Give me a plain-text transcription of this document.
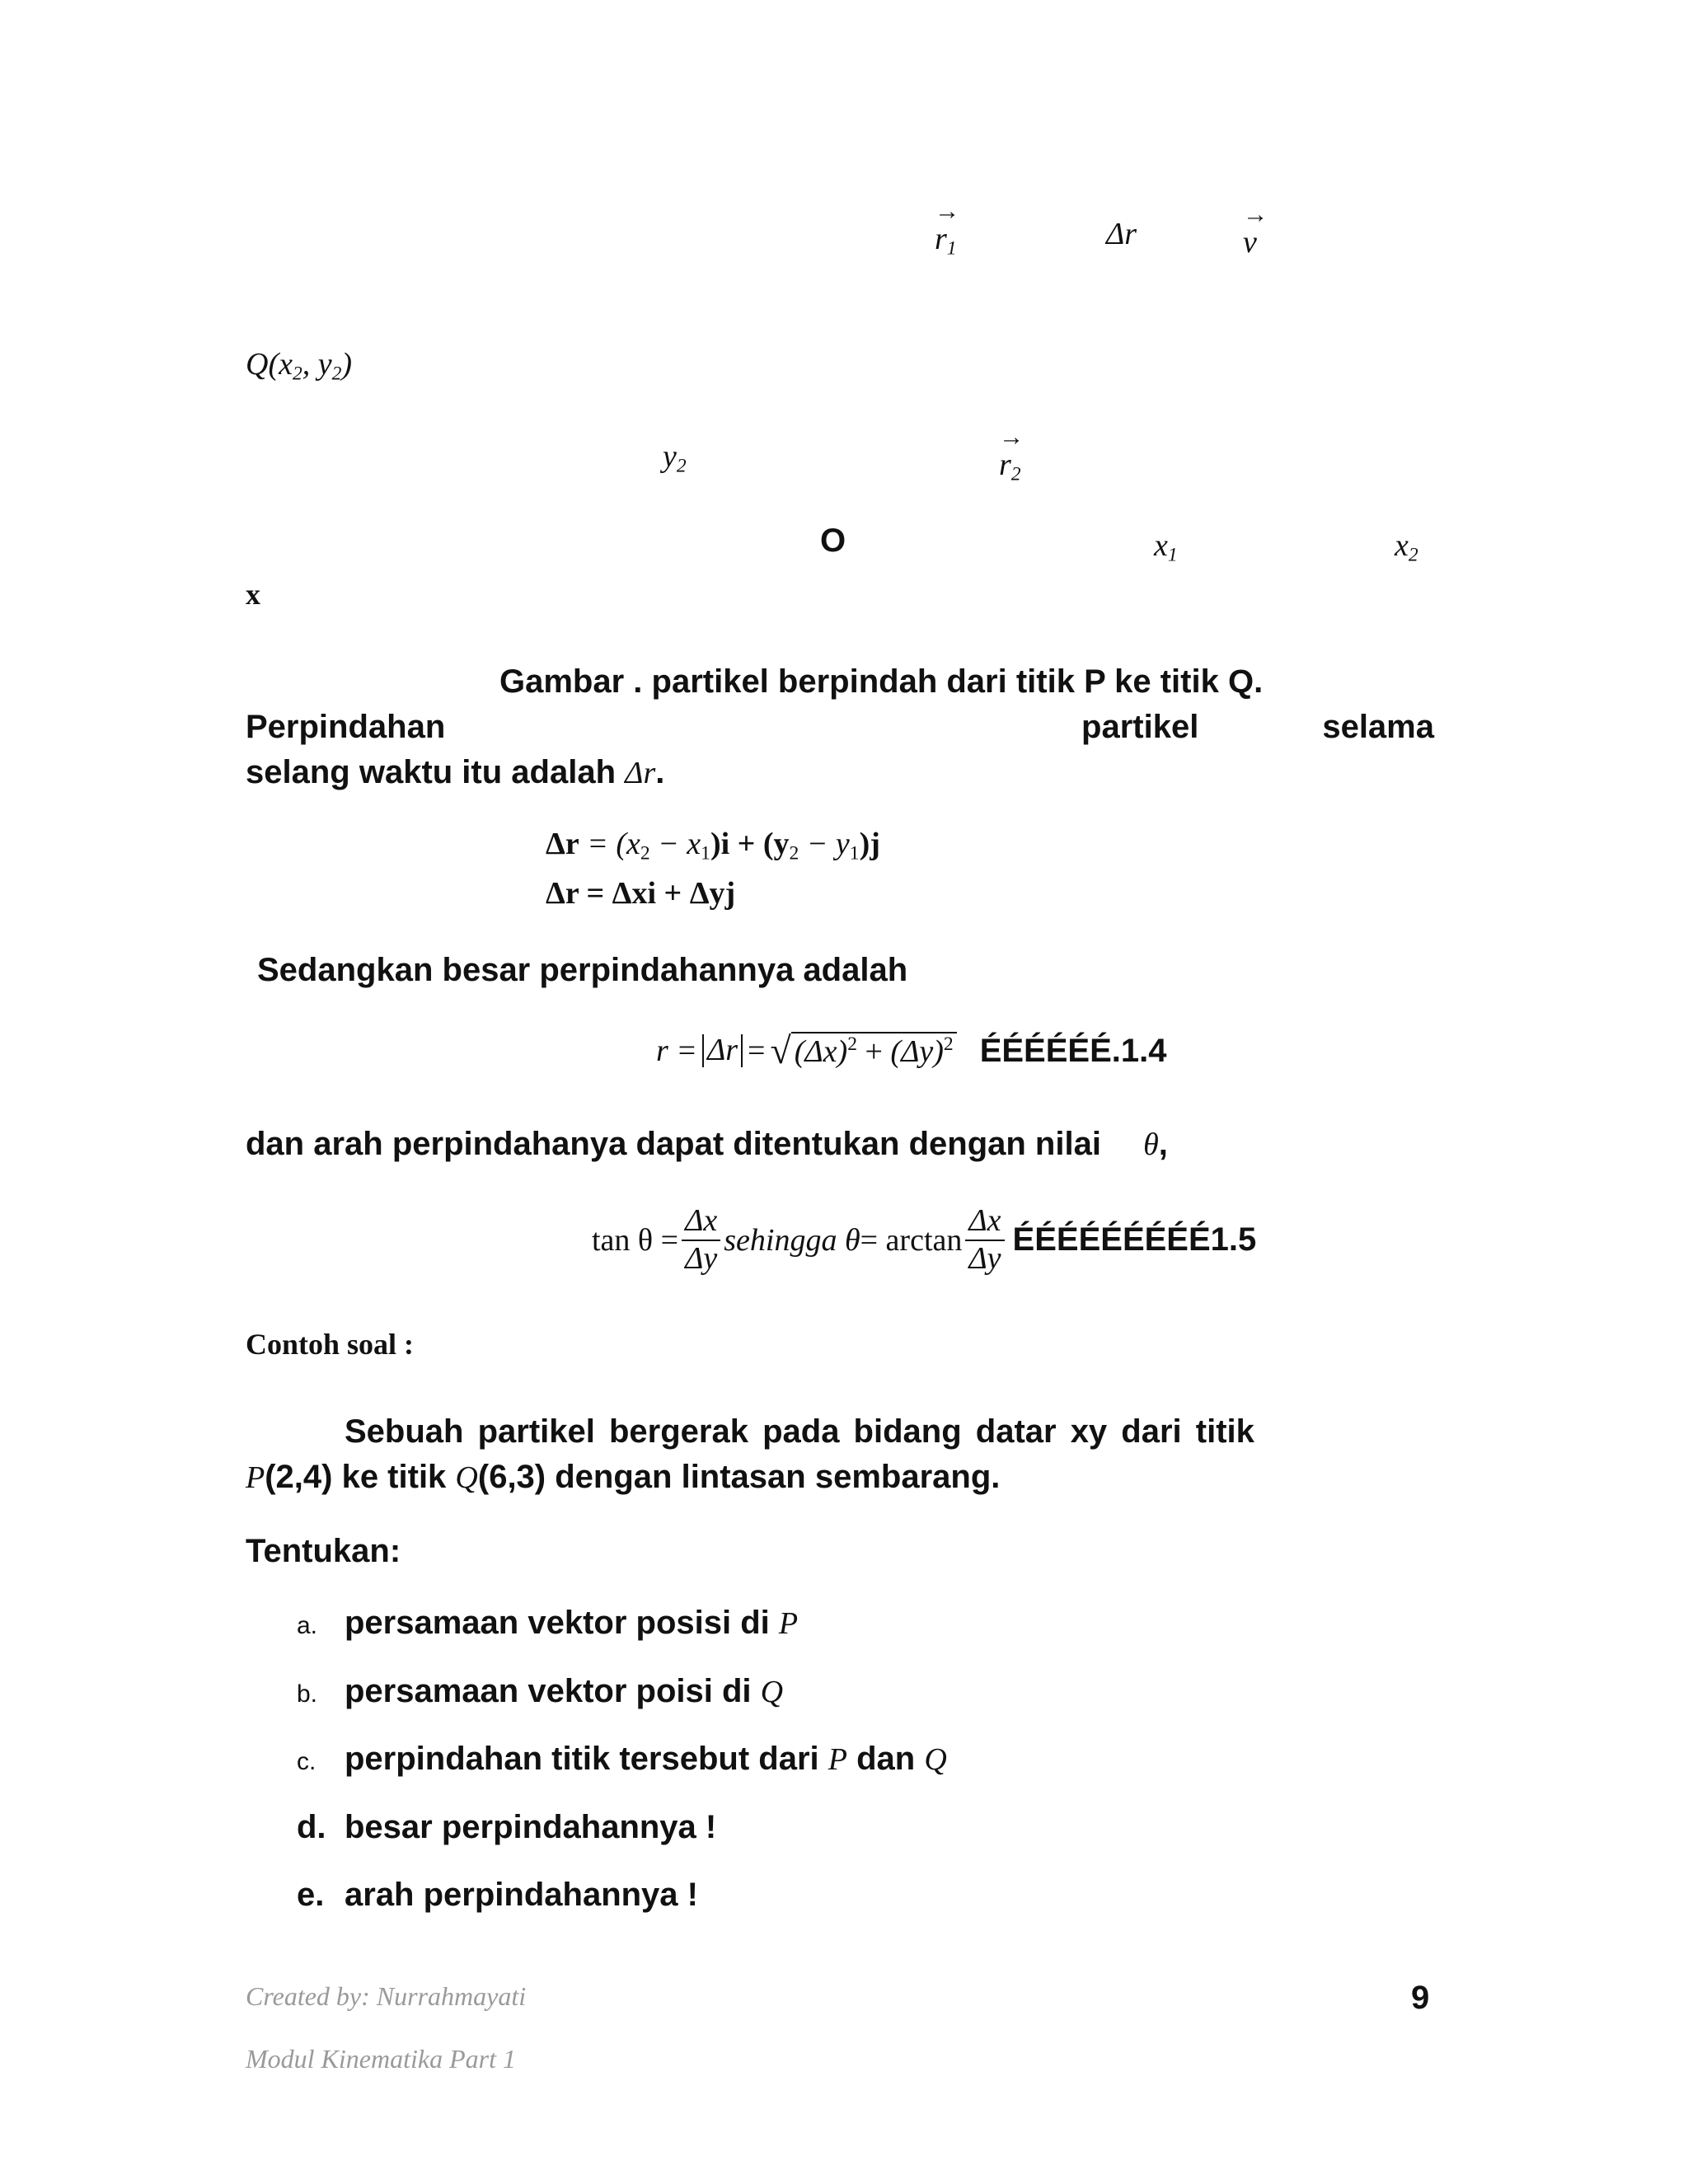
→
$r_1$	Δr
→
v
$Q(x_2$, $y_2$)
$y_2$
→
$r_2$
O	$x_1$	$x_2$
x
Gambar . partikel berpindah dari titik P ke titik Q.
Perpindahan	partikel	selama
selang waktu itu adalah Δr.
$\Delta r = (x_2 - x_1)i + (y_2 - y_1)j$
Δr = Δxi + Δyj
Sedangkan besar perpindahannya adalah
r = Δr = √ $(\Delta x)^2 + (\Delta y)^2$ ÉÉÉÉÉÉ.1.4
dan arah perpindahanya dapat ditentukan dengan nilai θ,
$\tan \theta = \frac{\Delta x}{\Delta y}$ sehingga $\theta = \arctan \frac{\Delta x}{\Delta y}$ ÉÉÉÉÉÉÉÉÉ1.5
Contoh soal :
Sebuah partikel bergerak pada bidang datar xy dari titik
P(2,4) ke titik Q(6,3) dengan lintasan sembarang.
Tentukan:
a. persamaan vektor posisi di P
b. persamaan vektor poisi di Q
c. perpindahan titik tersebut dari P dan Q
d. besar perpindahannya !
e. arah perpindahannya !
Created by: Nurrahmayati	9
Modul Kinematika Part 1
